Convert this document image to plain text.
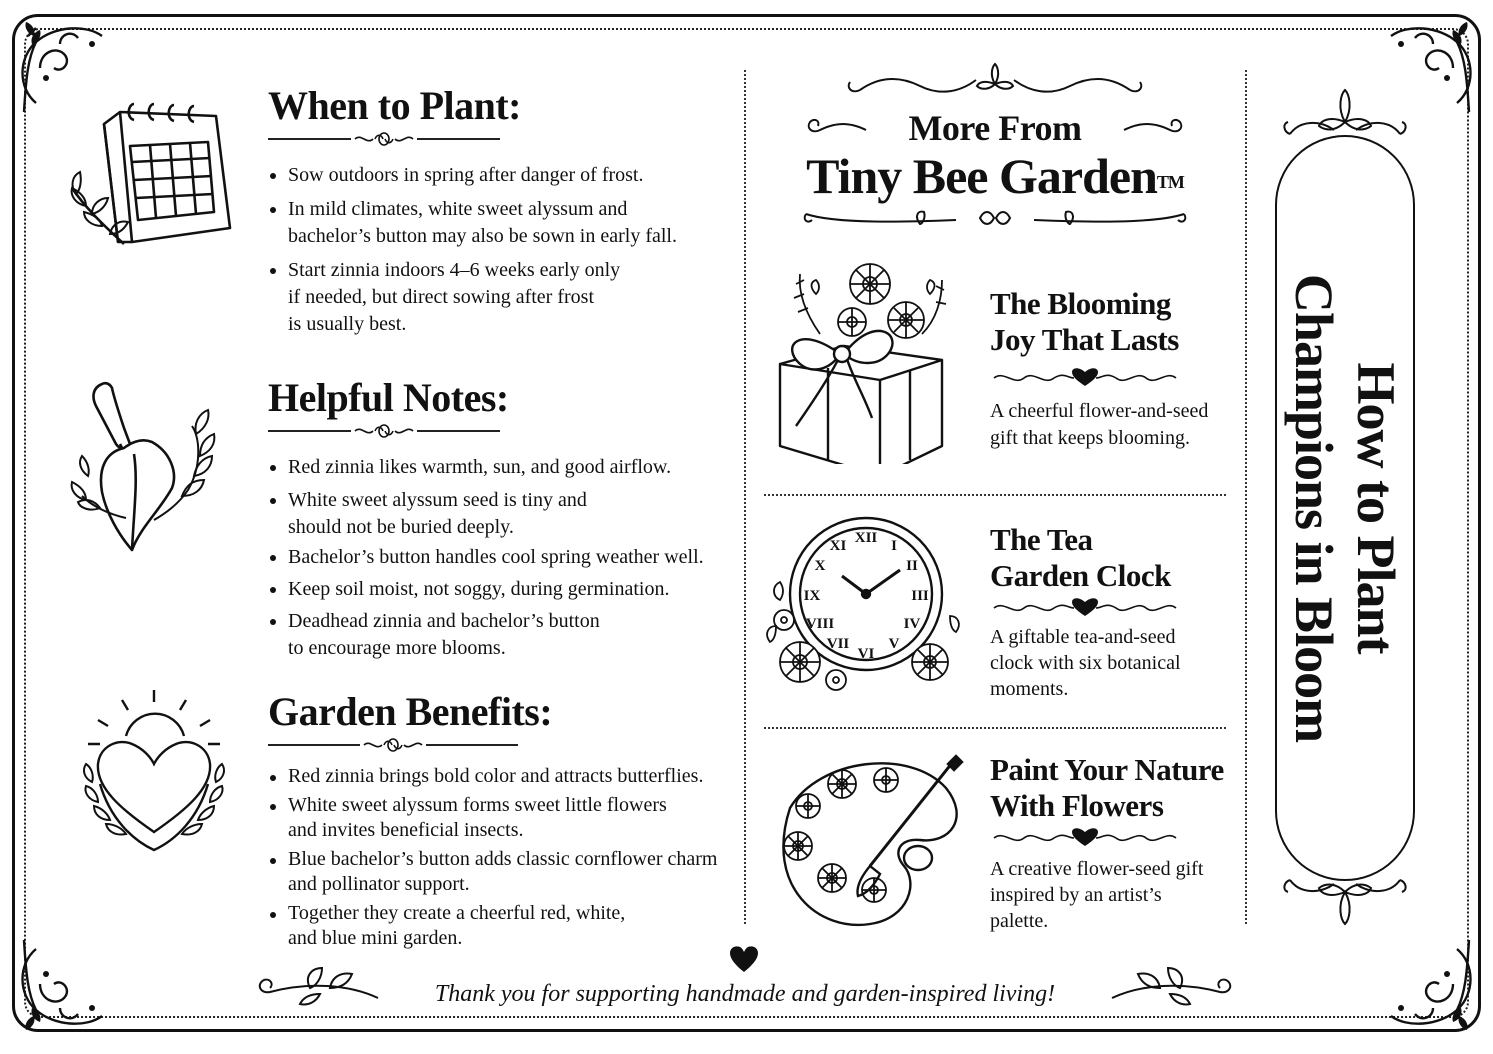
When to Plant:
Sow outdoors in spring after danger of frost.
In mild climates, white sweet alyssum and
bachelor’s button may also be sown in early fall.
Start zinnia indoors 4–6 weeks early only
if needed, but direct sowing after frost
is usually best.
Helpful Notes:
Red zinnia likes warmth, sun, and good airflow.
White sweet alyssum seed is tiny and
should not be buried deeply.
Bachelor’s button handles cool spring weather well.
Keep soil moist, not soggy, during germination.
Deadhead zinnia and bachelor’s button
to encourage more blooms.
Garden Benefits:
Red zinnia brings bold color and attracts butterflies.
White sweet alyssum forms sweet little flowers
and invites beneficial insects.
Blue bachelor’s button adds classic cornflower charm
and pollinator support.
Together they create a cheerful red, white,
and blue mini garden.
More From
Tiny Bee Garden™
The Blooming
Joy That Lasts
A cheerful flower-and-seed
gift that keeps blooming.
XII I
II
III
IV
V
VI
VII
VIII
IX
X
XI	The Tea
Garden Clock
A giftable tea-and-seed
clock with six botanical
moments.
Paint Your Nature
With Flowers
A creative flower-seed gift
inspired by an artist’s
palette.
How to Plant
Champions in Bloom
Thank you for supporting handmade and garden-inspired living!
